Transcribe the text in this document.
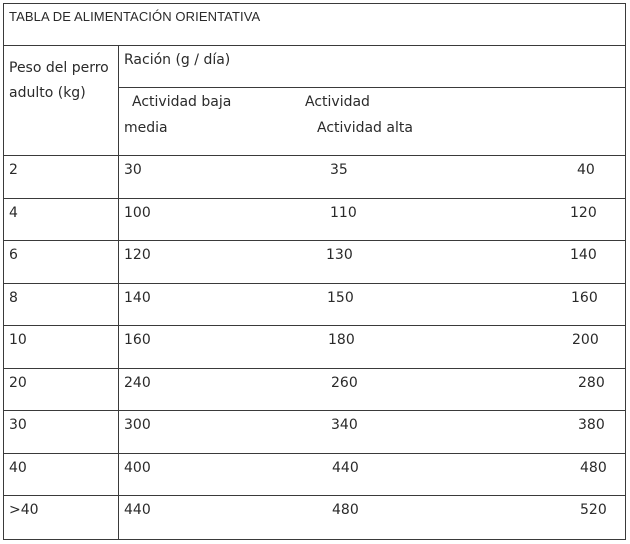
TABLA DE ALIMENTACIÓN ORIENTATIVA
Peso del perro adulto (kg)
Ración (g / día)
Actividad baja	Actividad
media	Actividad alta
2	30	35	40
4	100	110	120
6	120	130	140
8	140	150	160
10	160	180	200
20	240	260	280
30	300	340	380
40	400	440	480
>40	440	480	520
